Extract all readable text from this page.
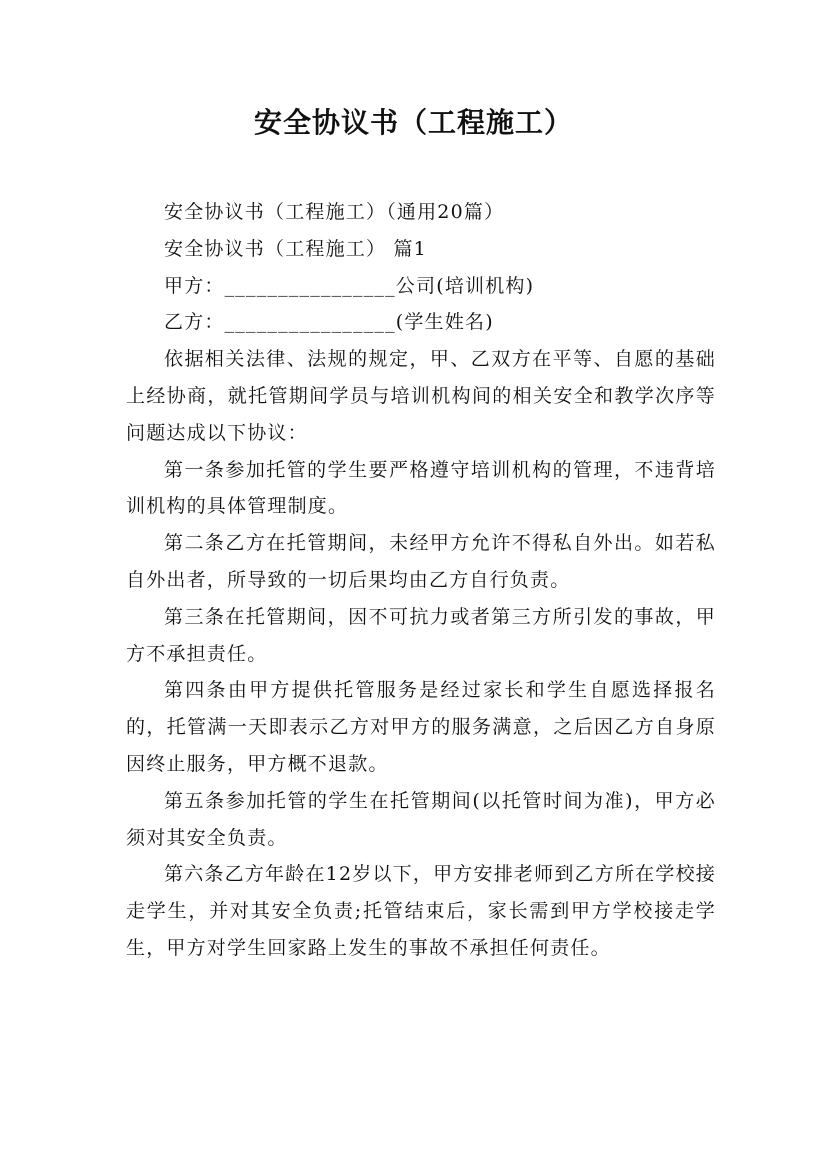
安全协议书（工程施工）

安全协议书（工程施工）（通用20篇）

安全协议书（工程施工） 篇1

甲方：________________公司(培训机构)

乙方：________________(学生姓名)

依据相关法律、法规的规定，甲、乙双方在平等、自愿的基础上经协商，就托管期间学员与培训机构间的相关安全和教学次序等问题达成以下协议：

第一条参加托管的学生要严格遵守培训机构的管理，不违背培训机构的具体管理制度。

第二条乙方在托管期间，未经甲方允许不得私自外出。如若私自外出者，所导致的一切后果均由乙方自行负责。

第三条在托管期间，因不可抗力或者第三方所引发的事故，甲方不承担责任。

第四条由甲方提供托管服务是经过家长和学生自愿选择报名的，托管满一天即表示乙方对甲方的服务满意，之后因乙方自身原因终止服务，甲方概不退款。

第五条参加托管的学生在托管期间(以托管时间为准)，甲方必须对其安全负责。

第六条乙方年龄在12岁以下，甲方安排老师到乙方所在学校接走学生，并对其安全负责;托管结束后，家长需到甲方学校接走学生，甲方对学生回家路上发生的事故不承担任何责任。
